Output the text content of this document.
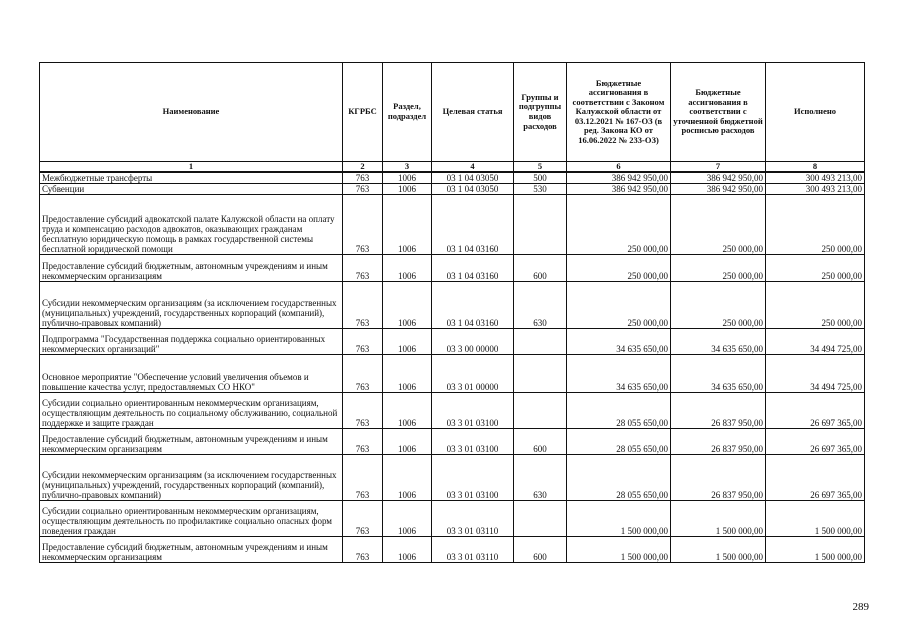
Наименование	КГРБС	Раздел, подраздел	Целевая статья	Группы и подгруппы видов расходов	Бюджетные ассигнования в соответствии с Законом Калужской области от 03.12.2021 № 167-ОЗ (в ред. Закона КО от 16.06.2022 № 233-ОЗ)	Бюджетные ассигнования в соответствии с уточненной бюджетной росписью расходов	Исполнено
1	2	3	4	5	6	7	8
Межбюджетные трансферты	763	1006	03 1 04 03050	500	386 942 950,00	386 942 950,00	300 493 213,00
Субвенции	763	1006	03 1 04 03050	530	386 942 950,00	386 942 950,00	300 493 213,00
Предоставление субсидий адвокатской палате Калужской области на оплату труда и компенсацию расходов адвокатов, оказывающих гражданам бесплатную юридическую помощь в рамках государственной системы бесплатной юридической помощи	763	1006	03 1 04 03160		250 000,00	250 000,00	250 000,00
Предоставление субсидий бюджетным, автономным учреждениям и иным некоммерческим организациям	763	1006	03 1 04 03160	600	250 000,00	250 000,00	250 000,00
Субсидии некоммерческим организациям (за исключением государственных (муниципальных) учреждений, государственных корпораций (компаний), публично-правовых компаний)	763	1006	03 1 04 03160	630	250 000,00	250 000,00	250 000,00
Подпрограмма "Государственная поддержка социально ориентированных некоммерческих организаций"	763	1006	03 3 00 00000		34 635 650,00	34 635 650,00	34 494 725,00
Основное мероприятие "Обеспечение условий увеличения объемов и повышение качества услуг, предоставляемых СО НКО"	763	1006	03 3 01 00000		34 635 650,00	34 635 650,00	34 494 725,00
Субсидии социально ориентированным некоммерческим организациям, осуществляющим деятельность по социальному обслуживанию, социальной поддержке и защите граждан	763	1006	03 3 01 03100		28 055 650,00	26 837 950,00	26 697 365,00
Предоставление субсидий бюджетным, автономным учреждениям и иным некоммерческим организациям	763	1006	03 3 01 03100	600	28 055 650,00	26 837 950,00	26 697 365,00
Субсидии некоммерческим организациям (за исключением государственных (муниципальных) учреждений, государственных корпораций (компаний), публично-правовых компаний)	763	1006	03 3 01 03100	630	28 055 650,00	26 837 950,00	26 697 365,00
Субсидии социально ориентированным некоммерческим организациям, осуществляющим деятельность по профилактике социально опасных форм поведения граждан	763	1006	03 3 01 03110		1 500 000,00	1 500 000,00	1 500 000,00
Предоставление субсидий бюджетным, автономным учреждениям и иным некоммерческим организациям	763	1006	03 3 01 03110	600	1 500 000,00	1 500 000,00	1 500 000,00
289
